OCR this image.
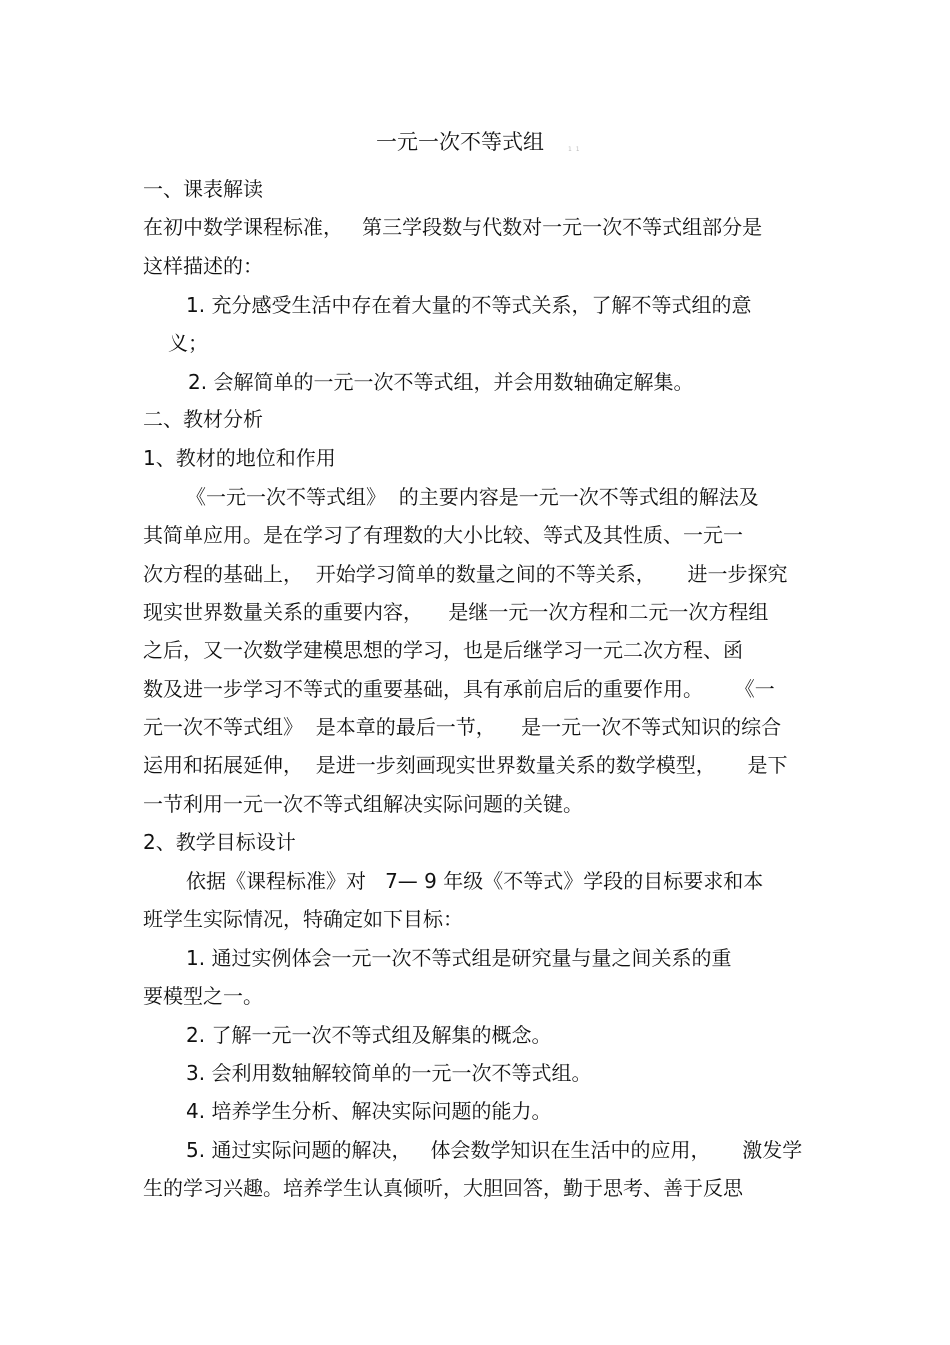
一元一次不等式组	1 1
一、课表解读
在初中数学课程标准，   第三学段数与代数对一元一次不等式组部分是
这样描述的：
1. 充分感受生活中存在着大量的不等式关系，了解不等式组的意
义；
2. 会解简单的一元一次不等式组，并会用数轴确定解集。
二、教材分析
1、教材的地位和作用
《一元一次不等式组》  的主要内容是一元一次不等式组的解法及
其简单应用。是在学习了有理数的大小比较、等式及其性质、一元一
次方程的基础上，  开始学习简单的数量之间的不等关系，     进一步探究
现实世界数量关系的重要内容，    是继一元一次方程和二元一次方程组
之后，又一次数学建模思想的学习，也是后继学习一元二次方程、函
数及进一步学习不等式的重要基础，具有承前启后的重要作用。     《一
元一次不等式组》  是本章的最后一节，    是一元一次不等式知识的综合
运用和拓展延伸，  是进一步刻画现实世界数量关系的数学模型，     是下
一节利用一元一次不等式组解决实际问题的关键。
2、教学目标设计
依据《课程标准》对   7— 9 年级《不等式》学段的目标要求和本
班学生实际情况，特确定如下目标：
1. 通过实例体会一元一次不等式组是研究量与量之间关系的重
要模型之一。
2. 了解一元一次不等式组及解集的概念。
3. 会利用数轴解较简单的一元一次不等式组。
4. 培养学生分析、解决实际问题的能力。
5. 通过实际问题的解决，   体会数学知识在生活中的应用，     激发学
生的学习兴趣。培养学生认真倾听，大胆回答，勤于思考、善于反思
